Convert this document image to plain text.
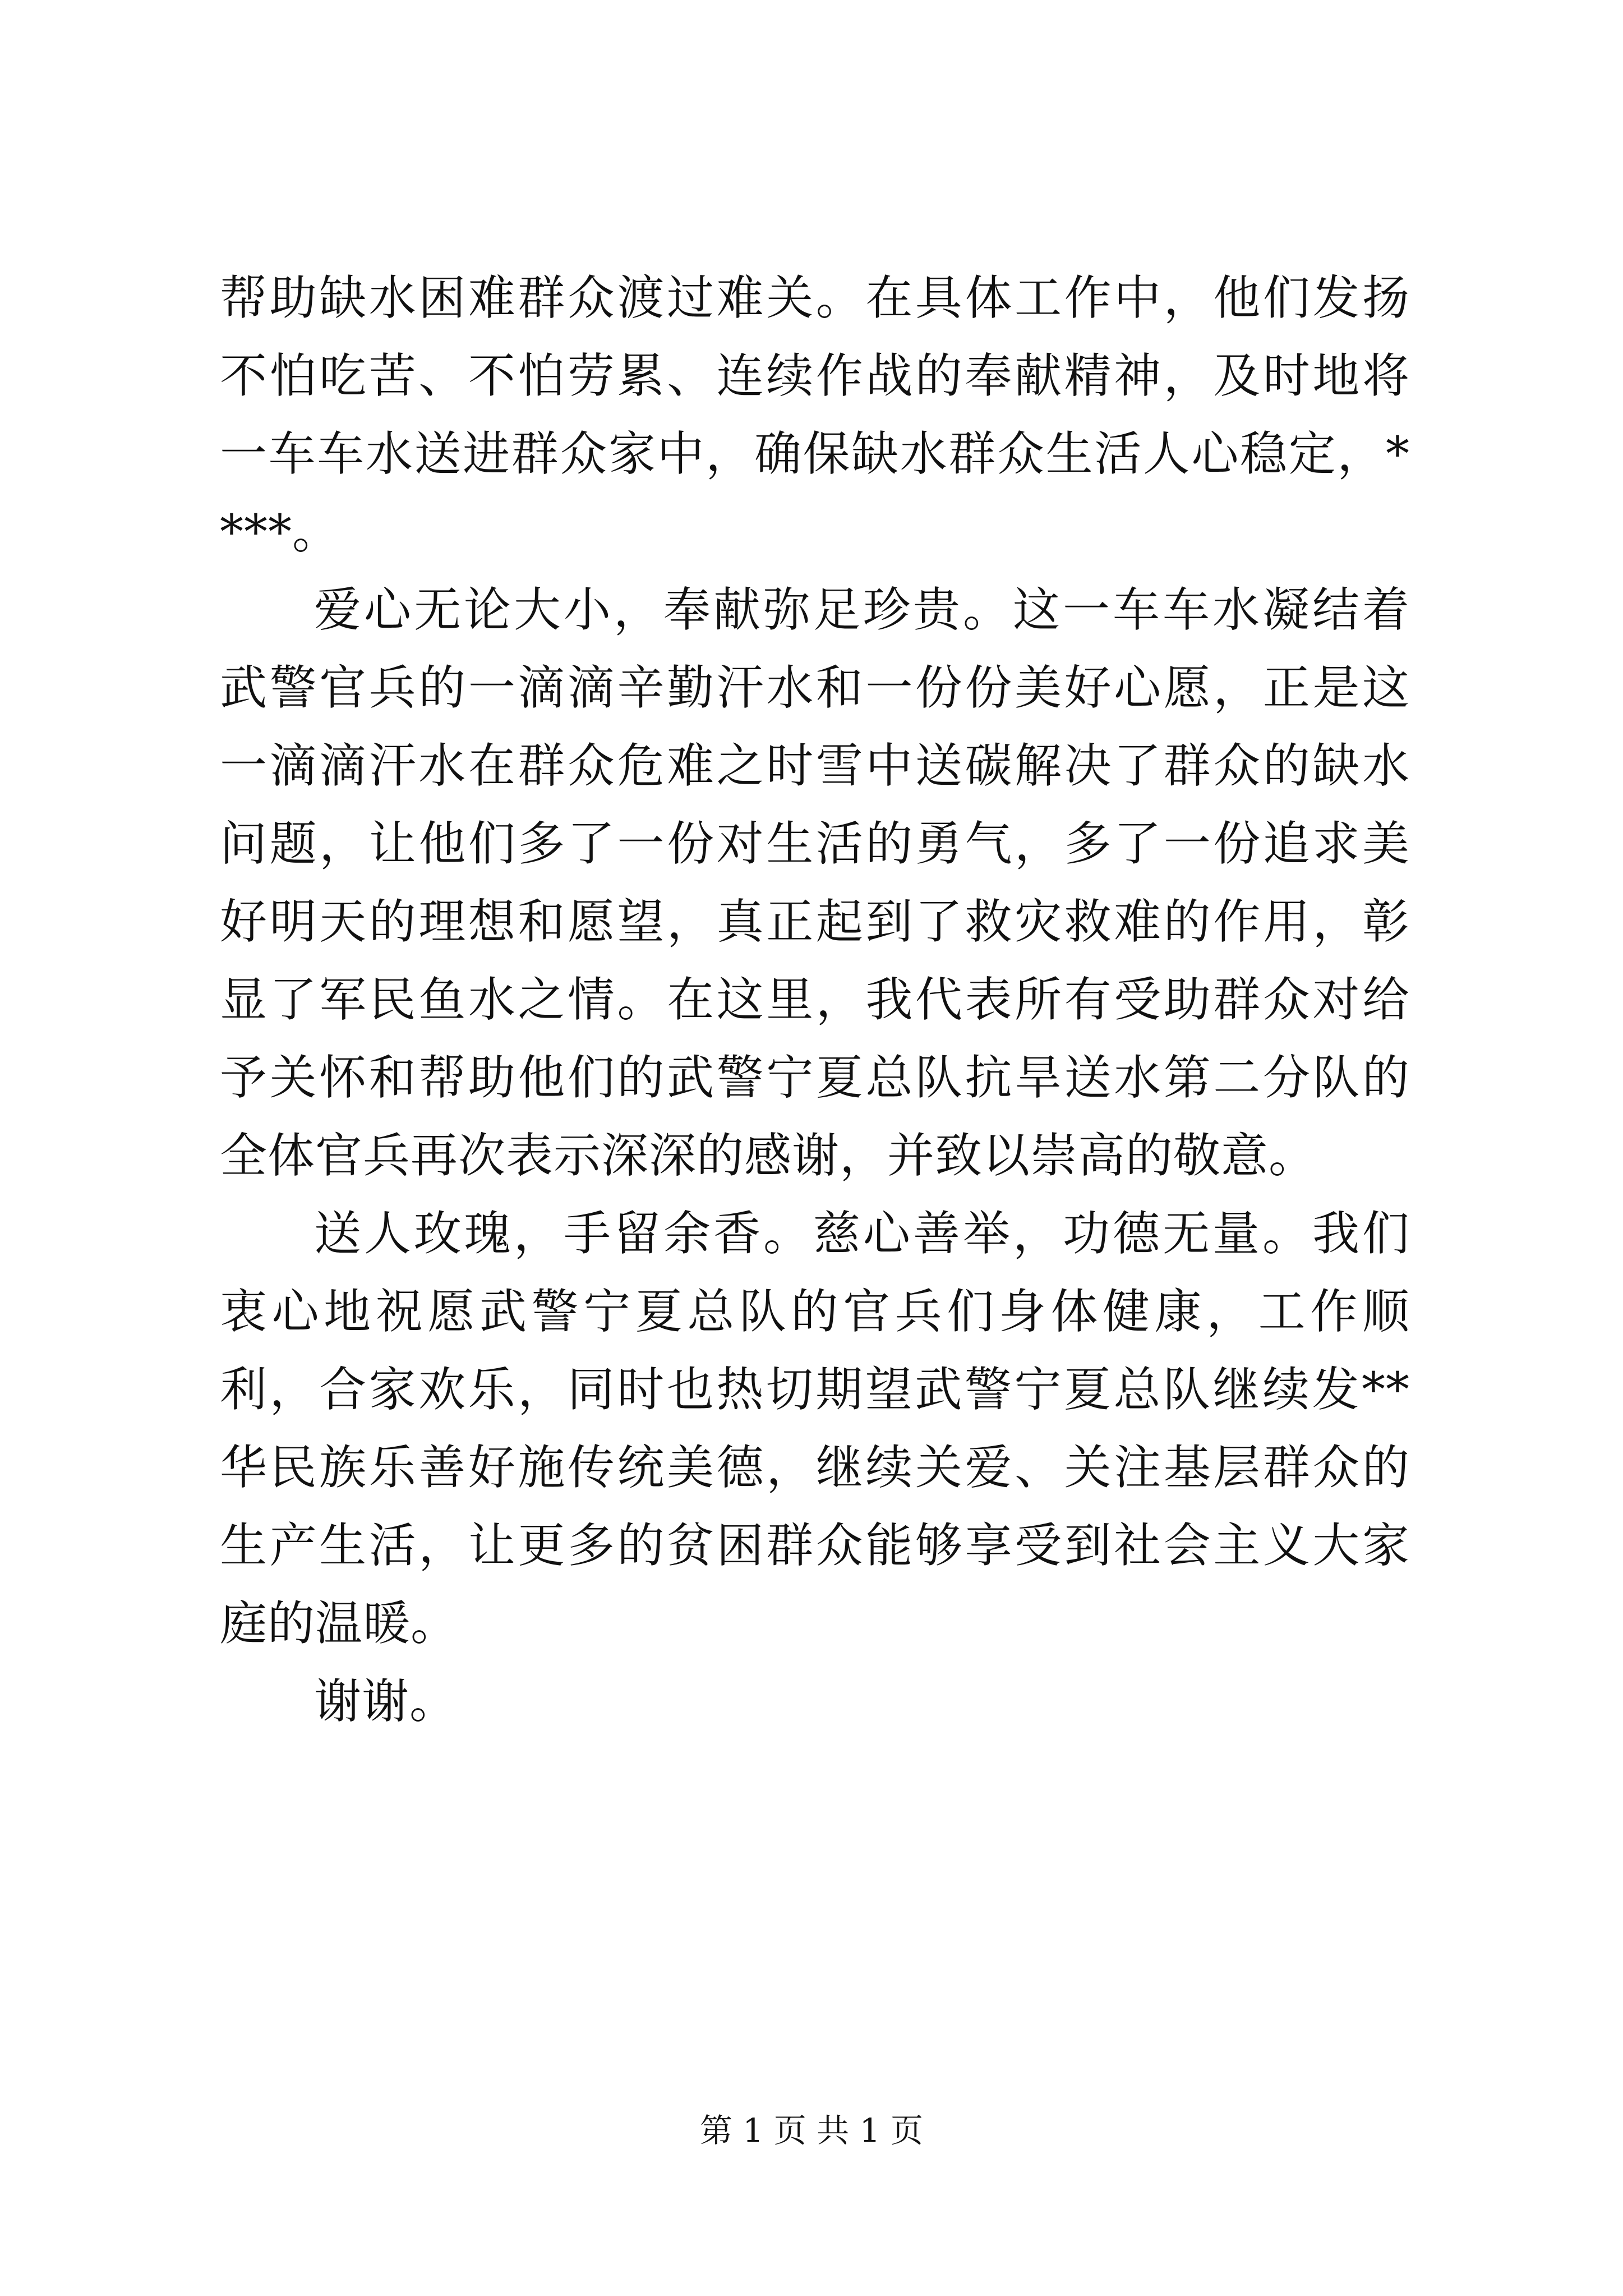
帮助缺水困难群众渡过难关。在具体工作中，他们发扬不怕吃苦、不怕劳累、连续作战的奉献精神，及时地将一车车水送进群众家中，确保缺水群众生活人心稳定，****。

爱心无论大小，奉献弥足珍贵。这一车车水凝结着武警官兵的一滴滴辛勤汗水和一份份美好心愿，正是这一滴滴汗水在群众危难之时雪中送碳解决了群众的缺水问题，让他们多了一份对生活的勇气，多了一份追求美好明天的理想和愿望，真正起到了救灾救难的作用，彰显了军民鱼水之情。在这里，我代表所有受助群众对给予关怀和帮助他们的武警宁夏总队抗旱送水第二分队的全体官兵再次表示深深的感谢，并致以崇高的敬意。

送人玫瑰，手留余香。慈心善举，功德无量。我们衷心地祝愿武警宁夏总队的官兵们身体健康，工作顺利，合家欢乐，同时也热切期望武警宁夏总队继续发**华民族乐善好施传统美德，继续关爱、关注基层群众的生产生活，让更多的贫困群众能够享受到社会主义大家庭的温暖。

谢谢。

第 1 页 共 1 页
